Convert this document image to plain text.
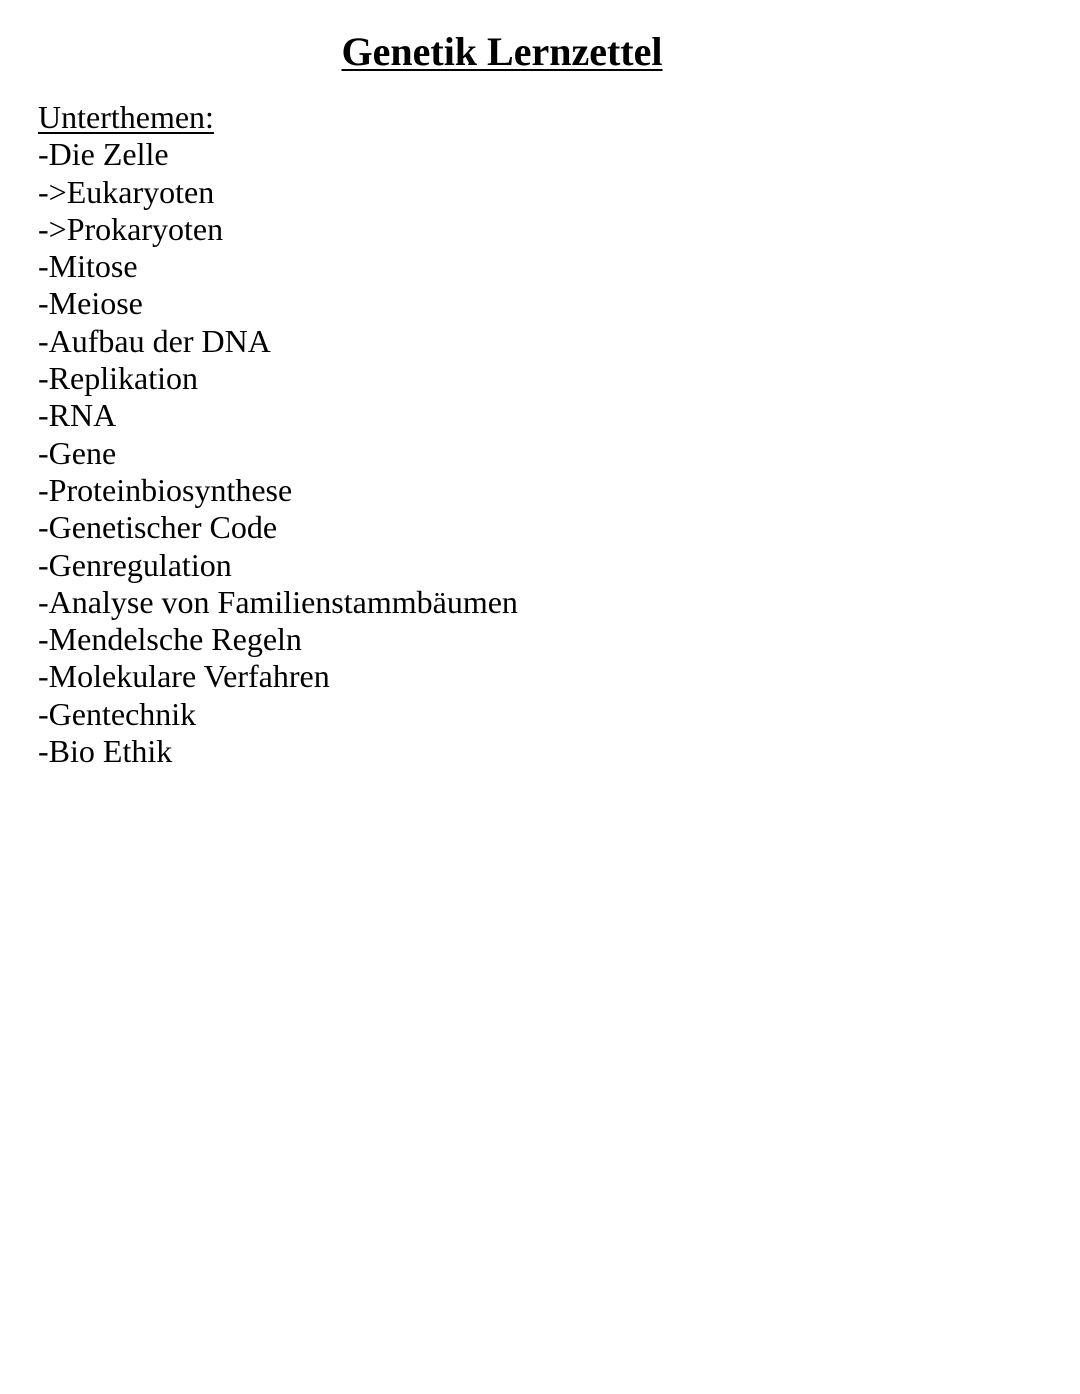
Genetik Lernzettel
Unterthemen:
-Die Zelle
->Eukaryoten
->Prokaryoten
-Mitose
-Meiose
-Aufbau der DNA
-Replikation
-RNA
-Gene
-Proteinbiosynthese
-Genetischer Code
-Genregulation
-Analyse von Familienstammbäumen
-Mendelsche Regeln
-Molekulare Verfahren
-Gentechnik
-Bio Ethik
